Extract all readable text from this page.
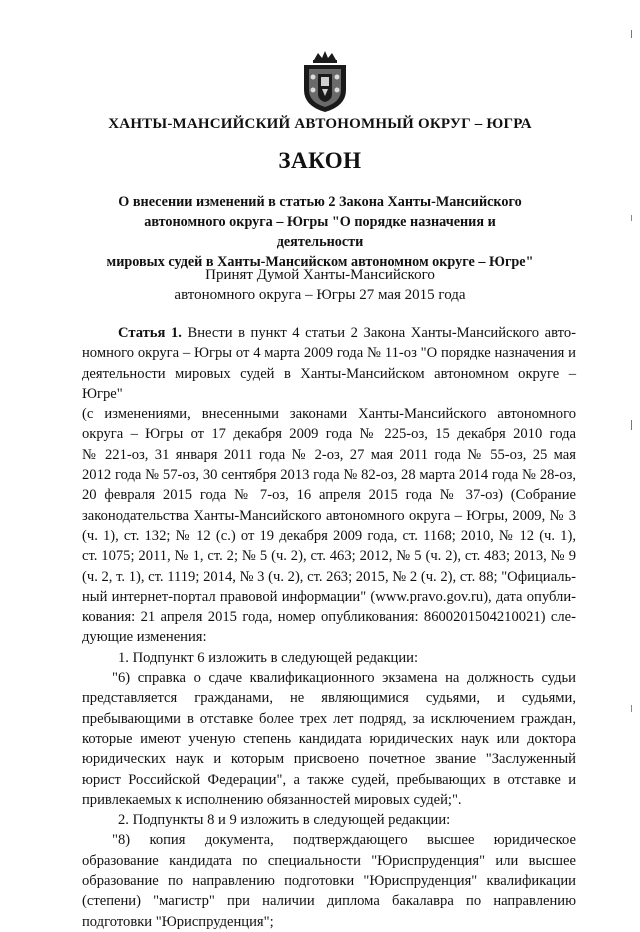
ХАНТЫ-МАНСИЙСКИЙ АВТОНОМНЫЙ ОКРУГ – ЮГРА
ЗАКОН
О внесении изменений в статью 2 Закона Ханты-Мансийского
автономного округа – Югры "О порядке назначения и деятельности
мировых судей в Ханты-Мансийском автономном округе – Югре"
Принят Думой Ханты-Мансийского
автономного округа – Югры 27 мая 2015 года
Статья 1. Внести в пункт 4 статьи 2 Закона Ханты-Мансийского авто-
номного округа – Югры от 4 марта 2009 года № 11-оз "О порядке назначения и
деятельности мировых судей в Ханты-Мансийском автономном округе – Югре"
(с изменениями, внесенными законами Ханты-Мансийского автономного
округа – Югры от 17 декабря 2009 года № 225-оз, 15 декабря 2010 года
№ 221-оз, 31 января 2011 года № 2-оз, 27 мая 2011 года № 55-оз, 25 мая
2012 года № 57-оз, 30 сентября 2013 года № 82-оз, 28 марта 2014 года № 28-оз,
20 февраля 2015 года № 7-оз, 16 апреля 2015 года № 37-оз) (Собрание
законодательства Ханты-Мансийского автономного округа – Югры, 2009, № 3
(ч. 1), ст. 132; № 12 (с.) от 19 декабря 2009 года, ст. 1168; 2010, № 12 (ч. 1),
ст. 1075; 2011, № 1, ст. 2; № 5 (ч. 2), ст. 463; 2012, № 5 (ч. 2), ст. 483; 2013, № 9
(ч. 2, т. 1), ст. 1119; 2014, № 3 (ч. 2), ст. 263; 2015, № 2 (ч. 2), ст. 88; "Официаль-
ный интернет-портал правовой информации" (www.pravo.gov.ru), дата опубли-
кования: 21 апреля 2015 года, номер опубликования: 8600201504210021) сле-
дующие изменения:

1. Подпункт 6 изложить в следующей редакции:

"6) справка о сдаче квалификационного экзамена на должность судьи представляется гражданами, не являющимися судьями, и судьями, пребывающими в отставке более трех лет подряд, за исключением граждан, которые имеют ученую степень кандидата юридических наук или доктора юридических наук и которым присвоено почетное звание "Заслуженный юрист Российской Федерации", а также судей, пребывающих в отставке и привлекаемых к исполнению обязанностей мировых судей;".

2. Подпункты 8 и 9 изложить в следующей редакции:

"8) копия документа, подтверждающего высшее юридическое образование кандидата по специальности "Юриспруденция" или высшее образование по направлению подготовки "Юриспруденция" квалификации (степени) "магистр" при наличии диплома бакалавра по направлению подготовки "Юриспруденция";
